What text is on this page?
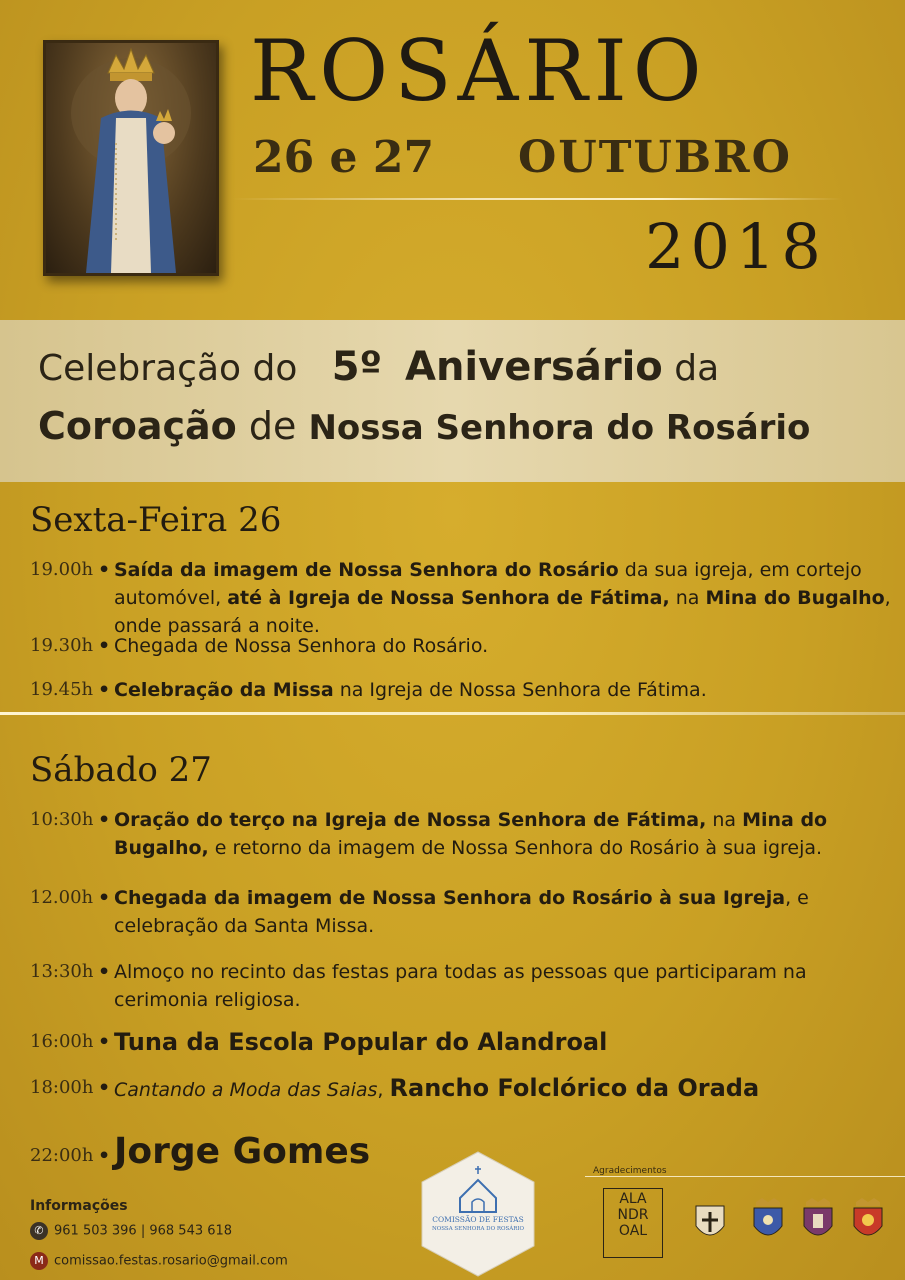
ROSÁRIO
26 e 27 OUTUBRO
2018
Celebração do 5º Aniversário da
Coroação de Nossa Senhora do Rosário
Sexta-Feira 26
19.00h • Saída da imagem de Nossa Senhora do Rosário da sua igreja, em cortejo automóvel, até à Igreja de Nossa Senhora de Fátima, na Mina do Bugalho, onde passará a noite.
19.30h • Chegada de Nossa Senhora do Rosário.
19.45h • Celebração da Missa na Igreja de Nossa Senhora de Fátima.
Sábado 27
10:30h • Oração do terço na Igreja de Nossa Senhora de Fátima, na Mina do Bugalho, e retorno da imagem de Nossa Senhora do Rosário à sua igreja.
12.00h • Chegada da imagem de Nossa Senhora do Rosário à sua Igreja, e celebração da Santa Missa.
13:30h • Almoço no recinto das festas para todas as pessoas que participaram na cerimonia religiosa.
16:00h • Tuna da Escola Popular do Alandroal
18:00h • Cantando a Moda das Saias, Rancho Folclórico da Orada
22:00h • Jorge Gomes
Informações
✆ 961 503 396 | 968 543 618
M comissao.festas.rosario@gmail.com
COMISSÃO DE FESTAS
NOSSA SENHORA DO ROSÁRIO
Agradecimentos
ALA
NDR
OAL
